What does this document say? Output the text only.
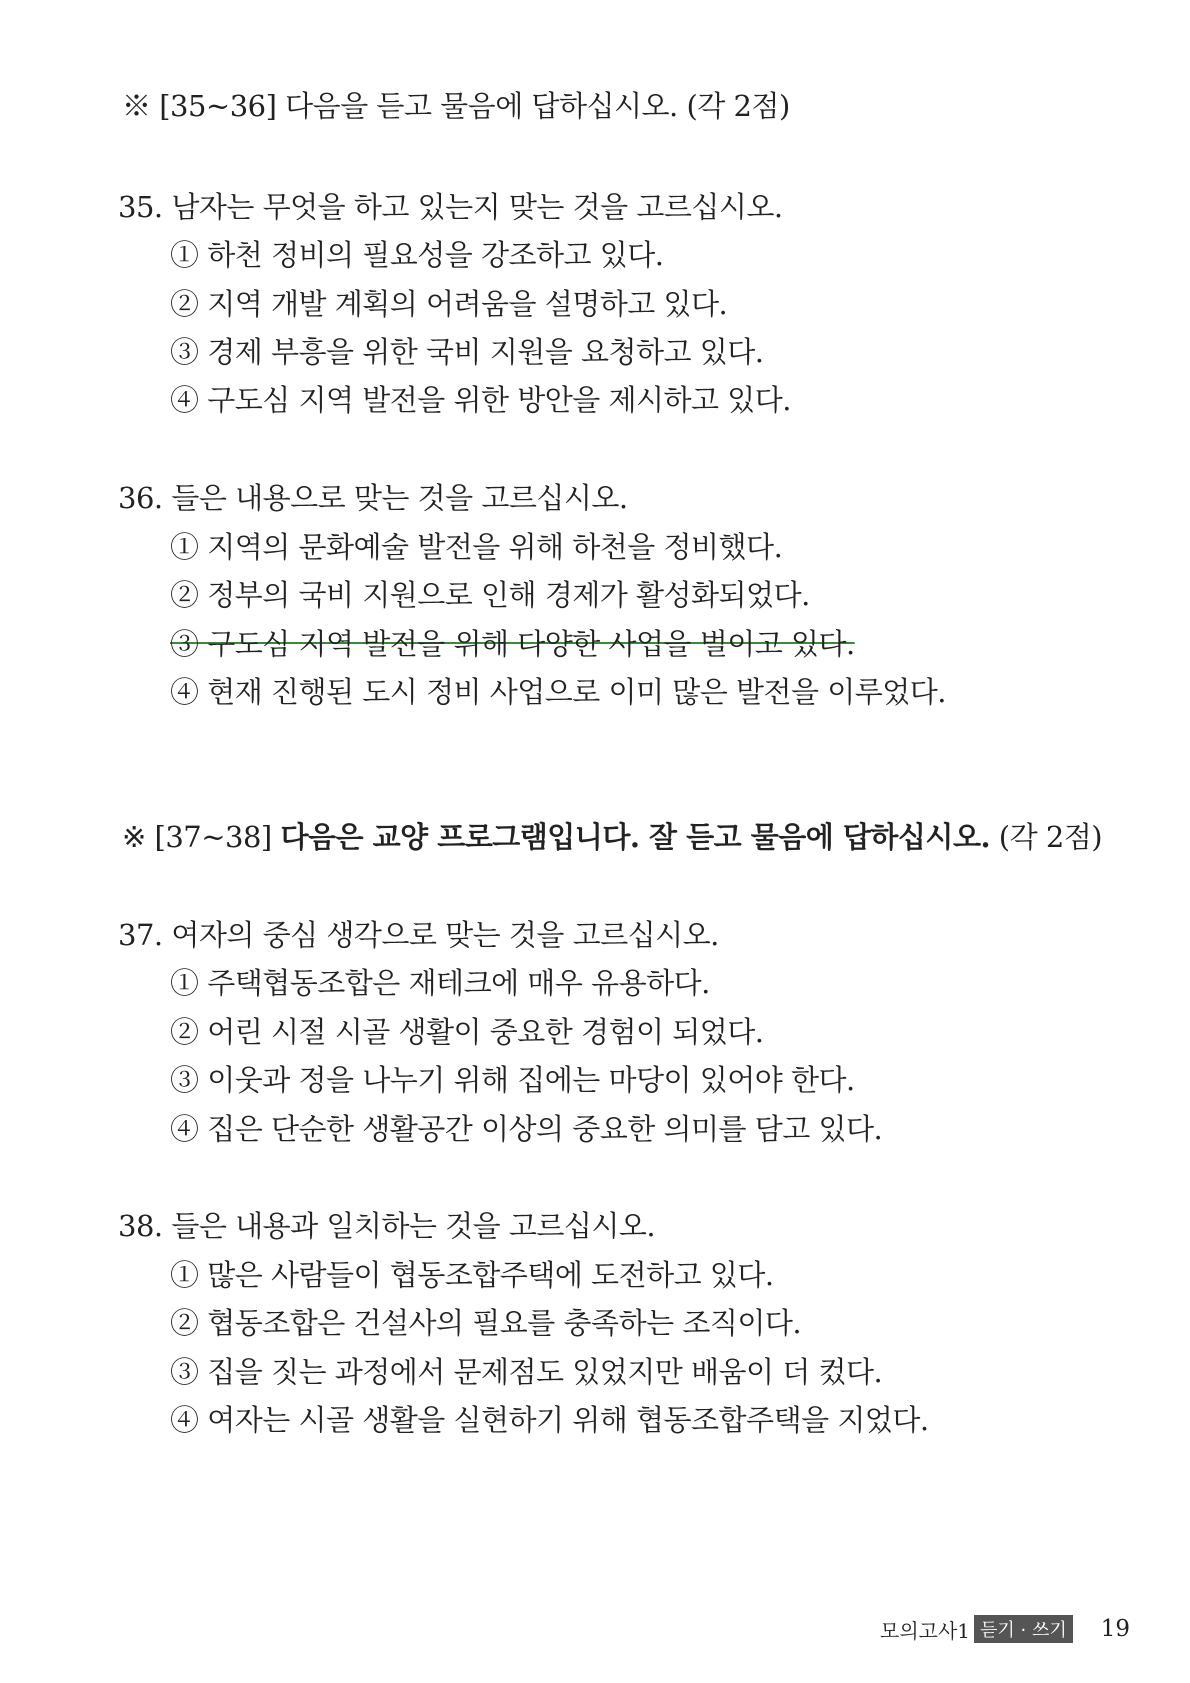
※ [35~36] 다음을 듣고 물음에 답하십시오. (각 2점)
35. 남자는 무엇을 하고 있는지 맞는 것을 고르십시오.
① 하천 정비의 필요성을 강조하고 있다.
② 지역 개발 계획의 어려움을 설명하고 있다.
③ 경제 부흥을 위한 국비 지원을 요청하고 있다.
④ 구도심 지역 발전을 위한 방안을 제시하고 있다.
36. 들은 내용으로 맞는 것을 고르십시오.
① 지역의 문화예술 발전을 위해 하천을 정비했다.
② 정부의 국비 지원으로 인해 경제가 활성화되었다.
③ 구도심 지역 발전을 위해 다양한 사업을 벌이고 있다.
④ 현재 진행된 도시 정비 사업으로 이미 많은 발전을 이루었다.
※ [37~38] 다음은 교양 프로그램입니다. 잘 듣고 물음에 답하십시오. (각 2점)
37. 여자의 중심 생각으로 맞는 것을 고르십시오.
① 주택협동조합은 재테크에 매우 유용하다.
② 어린 시절 시골 생활이 중요한 경험이 되었다.
③ 이웃과 정을 나누기 위해 집에는 마당이 있어야 한다.
④ 집은 단순한 생활공간 이상의 중요한 의미를 담고 있다.
38. 들은 내용과 일치하는 것을 고르십시오.
① 많은 사람들이 협동조합주택에 도전하고 있다.
② 협동조합은 건설사의 필요를 충족하는 조직이다.
③ 집을 짓는 과정에서 문제점도 있었지만 배움이 더 컸다.
④ 여자는 시골 생활을 실현하기 위해 협동조합주택을 지었다.
모의고사1 듣기 · 쓰기 19
